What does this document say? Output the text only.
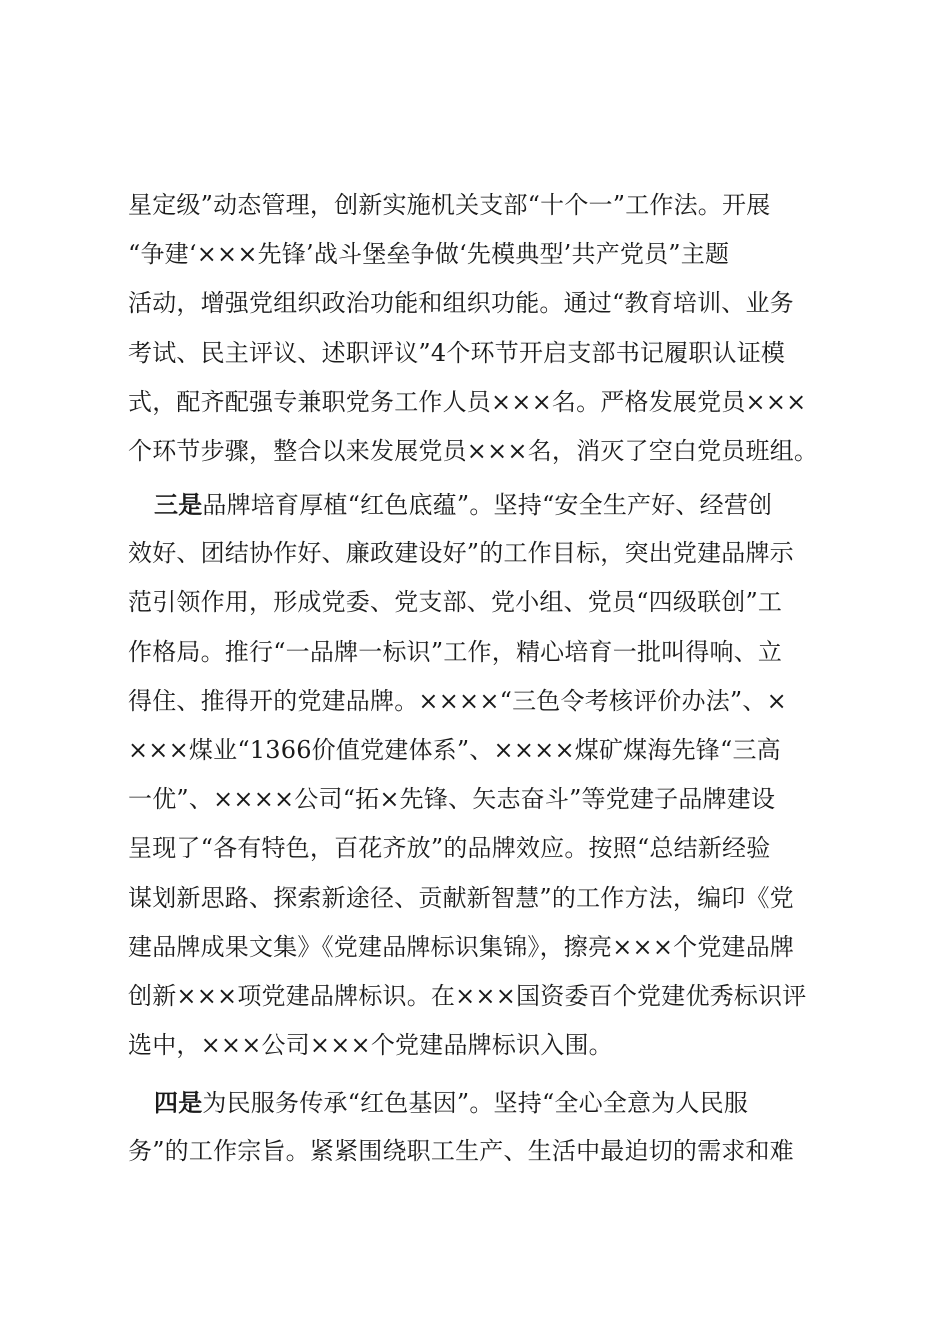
星定级”动态管理，创新实施机关支部“十个一”工作法。开展
“争建‘×××先锋’战斗堡垒争做‘先模典型’共产党员”主题
活动，增强党组织政治功能和组织功能。通过“教育培训、业务
考试、民主评议、述职评议”4个环节开启支部书记履职认证模
式，配齐配强专兼职党务工作人员×××名。严格发展党员×××
个环节步骤，整合以来发展党员×××名，消灭了空白党员班组。
三是品牌培育厚植“红色底蕴”。坚持“安全生产好、经营创
效好、团结协作好、廉政建设好”的工作目标，突出党建品牌示
范引领作用，形成党委、党支部、党小组、党员“四级联创”工
作格局。推行“一品牌一标识”工作，精心培育一批叫得响、立
得住、推得开的党建品牌。××××“三色令考核评价办法”、×
×××煤业“1366价值党建体系”、××××煤矿煤海先锋“三高
一优”、××××公司“拓×先锋、矢志奋斗”等党建子品牌建设
呈现了“各有特色，百花齐放”的品牌效应。按照“总结新经验
谋划新思路、探索新途径、贡献新智慧”的工作方法，编印《党
建品牌成果文集》《党建品牌标识集锦》，擦亮×××个党建品牌
创新×××项党建品牌标识。在×××国资委百个党建优秀标识评
选中，×××公司×××个党建品牌标识入围。
四是为民服务传承“红色基因”。坚持“全心全意为人民服
务”的工作宗旨。紧紧围绕职工生产、生活中最迫切的需求和难
